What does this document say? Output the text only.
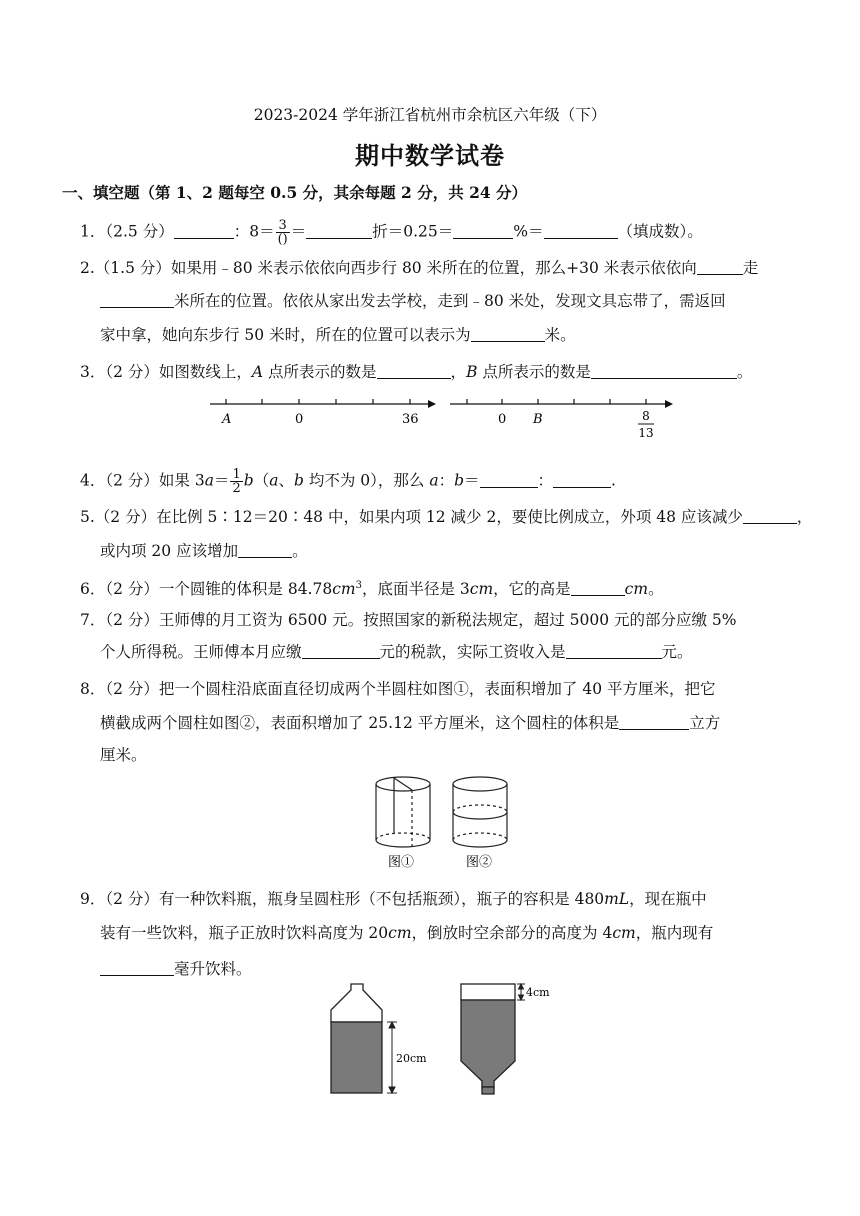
2023-2024 学年浙江省杭州市余杭区六年级（下）
期中数学试卷
一、填空题（第 1、2 题每空 0.5 分，其余每题 2 分，共 24 分）
1．（2.5 分）	：$8= \frac{3}{()}$ ＝	折＝0.25＝	%＝	（填成数）。
2.（1.5 分）如果用﹣80 米表示依依向西步行 80 米所在的位置，那么+30 米表示依依向	走
米所在的位置。依依从家出发去学校，走到﹣80 米处，发现文具忘带了，需返回
家中拿，她向东步行 50 米时，所在的位置可以表示为	米。
3．（2 分）如图数线上，A 点所表示的数是	，B 点所表示的数是	。
A	0	36	0 B	8
13
4．（2 分）如果 $3a= \frac{1}{2} b(a$、b 均不为 0），那么 a：b＝	：	.
5.（2 分）在比例 5∶12＝20∶48 中，如果内项 12 减少 2，要使比例成立，外项 48 应该减少	，
或内项 20 应该增加	。
6．（2 分）一个圆锥的体积是 $84.78cm^3$，底面半径是 3cm，它的高是	cm。
7．（2 分）王师傅的月工资为 6500 元。按照国家的新税法规定，超过 5000 元的部分应缴 5%
个人所得税。王师傅本月应缴	元的税款，实际工资收入是	元。
8．（2 分）把一个圆柱沿底面直径切成两个半圆柱如图①，表面积增加了 40 平方厘米，把它
横截成两个圆柱如图②，表面积增加了 25.12 平方厘米，这个圆柱的体积是	立方
厘米。
图①	图②
9．（2 分）有一种饮料瓶，瓶身呈圆柱形（不包括瓶颈），瓶子的容积是 480mL，现在瓶中
装有一些饮料，瓶子正放时饮料高度为 20cm，倒放时空余部分的高度为 4cm，瓶内现有
毫升饮料。
20cm
4cm
